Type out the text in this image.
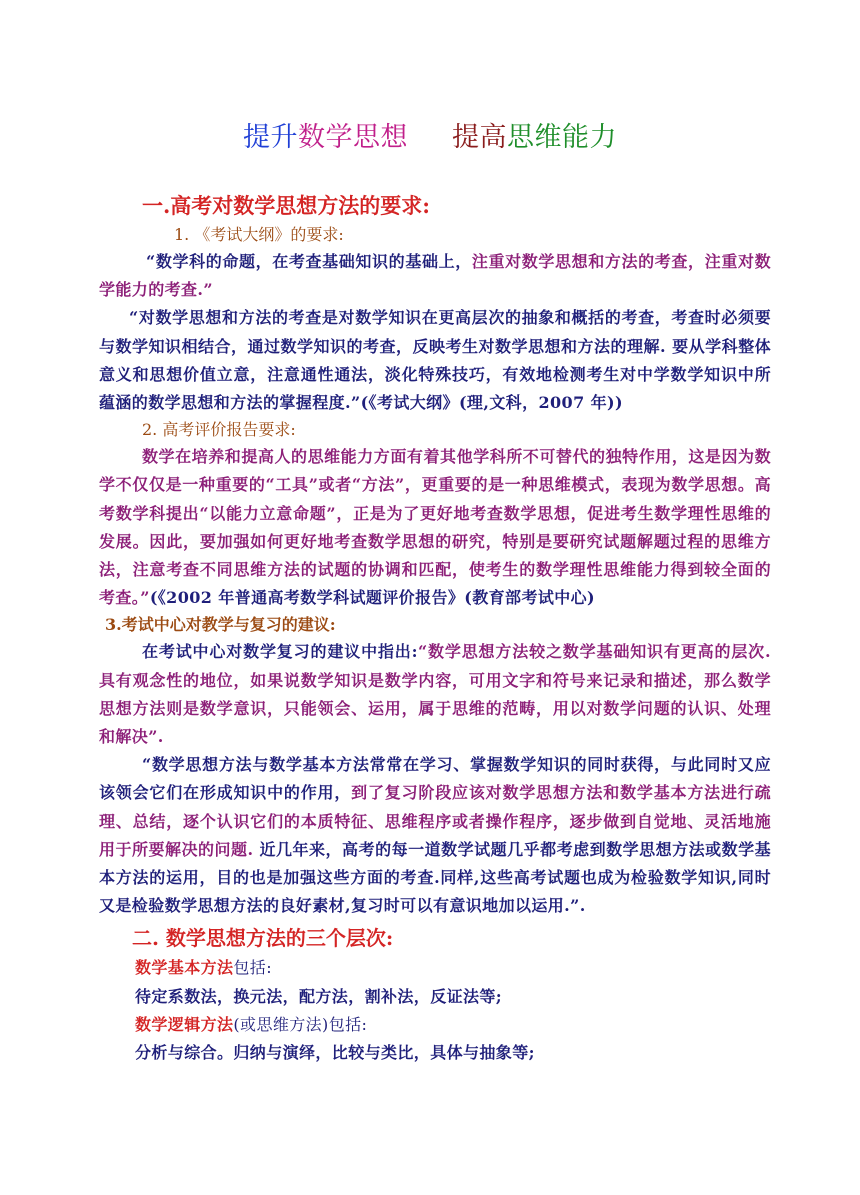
提升数学思想 提高思维能力

一.高考对数学思想方法的要求:

1. 《考试大纲》的要求:

“数学科的命题，在考查基础知识的基础上，注重对数学思想和方法的考查，注重对数学能力的考查.”

“对数学思想和方法的考查是对数学知识在更高层次的抽象和概括的考查，考查时必须要与数学知识相结合，通过数学知识的考查，反映考生对数学思想和方法的理解. 要从学科整体意义和思想价值立意，注意通性通法，淡化特殊技巧，有效地检测考生对中学数学知识中所蕴涵的数学思想和方法的掌握程度.”(《考试大纲》(理,文科，2007 年))

2. 高考评价报告要求:

数学在培养和提高人的思维能力方面有着其他学科所不可替代的独特作用，这是因为数学不仅仅是一种重要的“工具”或者“方法”，更重要的是一种思维模式，表现为数学思想。高考数学科提出“以能力立意命题”，正是为了更好地考查数学思想，促进考生数学理性思维的发展。因此，要加强如何更好地考查数学思想的研究，特别是要研究试题解题过程的思维方法，注意考查不同思维方法的试题的协调和匹配，使考生的数学理性思维能力得到较全面的考查。”(《2002 年普通高考数学科试题评价报告》(教育部考试中心)

3.考试中心对教学与复习的建议:

在考试中心对数学复习的建议中指出:“数学思想方法较之数学基础知识有更高的层次. 具有观念性的地位，如果说数学知识是数学内容，可用文字和符号来记录和描述，那么数学思想方法则是数学意识，只能领会、运用，属于思维的范畴，用以对数学问题的认识、处理和解决”.

“数学思想方法与数学基本方法常常在学习、掌握数学知识的同时获得，与此同时又应该领会它们在形成知识中的作用，到了复习阶段应该对数学思想方法和数学基本方法进行疏理、总结，逐个认识它们的本质特征、思维程序或者操作程序，逐步做到自觉地、灵活地施用于所要解决的问题. 近几年来，高考的每一道数学试题几乎都考虑到数学思想方法或数学基本方法的运用，目的也是加强这些方面的考查.同样,这些高考试题也成为检验数学知识,同时又是检验数学思想方法的良好素材,复习时可以有意识地加以运用.”.

二. 数学思想方法的三个层次:

数学基本方法包括:

待定系数法，换元法，配方法，割补法，反证法等;

数学逻辑方法(或思维方法)包括:

分析与综合。归纳与演绎，比较与类比，具体与抽象等;
